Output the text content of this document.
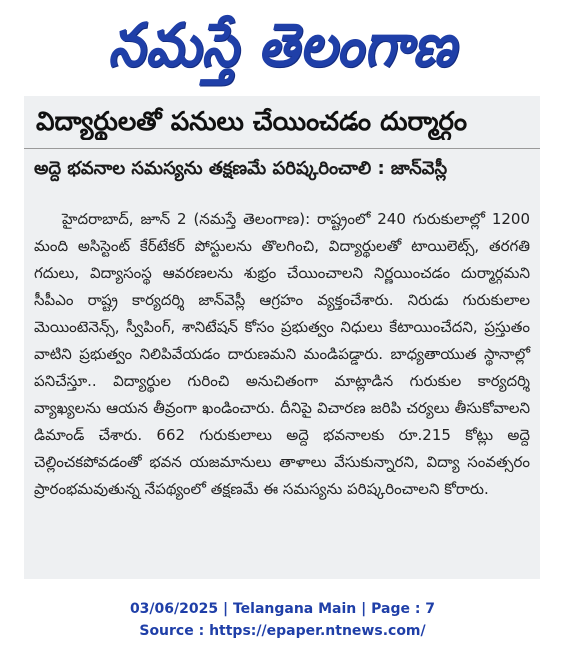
నమస్తే తెలంగాణ
విద్యార్థులతో పనులు చేయించడం దుర్మార్గం
అద్దె భవనాల సమస్యను తక్షణమే పరిష్కరించాలి : జాన్‌వెస్లీ

హైదరాబాద్, జూన్ 2 (నమస్తే తెలంగాణ): రాష్ట్రంలో 240 గురుకులాల్లో 1200 మంది అసిస్టెంట్ కేర్‌టేకర్ పోస్టులను తొలగించి, విద్యార్థులతో టాయిలెట్స్, తరగతి గదులు, విద్యాసంస్థ ఆవరణలను శుభ్రం చేయించాలని నిర్ణయించడం దుర్మార్గమని సీపీఎం రాష్ట్ర కార్యదర్శి జాన్‌వెస్లీ ఆగ్రహం వ్యక్తంచేశారు. నిరుడు గురుకులాల మెయింటెనెన్స్, స్వీపింగ్, శానిటేషన్ కోసం ప్రభుత్వం నిధులు కేటాయించేదని, ప్రస్తుతం వాటిని ప్రభుత్వం నిలిపివేయడం దారుణమని మండిపడ్డారు. బాధ్యతాయుత స్థానాల్లో పనిచేస్తూ.. విద్యార్థుల గురించి అనుచితంగా మాట్లాడిన గురుకుల కార్యదర్శి వ్యాఖ్యలను ఆయన తీవ్రంగా ఖండించారు. దీనిపై విచారణ జరిపి చర్యలు తీసుకోవాలని డిమాండ్ చేశారు. 662 గురుకులాలు అద్దె భవనాలకు రూ.215 కోట్లు అద్దె చెల్లించకపోవడంతో భవన యజమానులు తాళాలు వేసుకున్నారని, విద్యా సంవత్సరం ప్రారంభమవుతున్న నేపథ్యంలో తక్షణమే ఈ సమస్యను పరిష్కరించాలని కోరారు.

03/06/2025 | Telangana Main | Page : 7
Source : https://epaper.ntnews.com/
